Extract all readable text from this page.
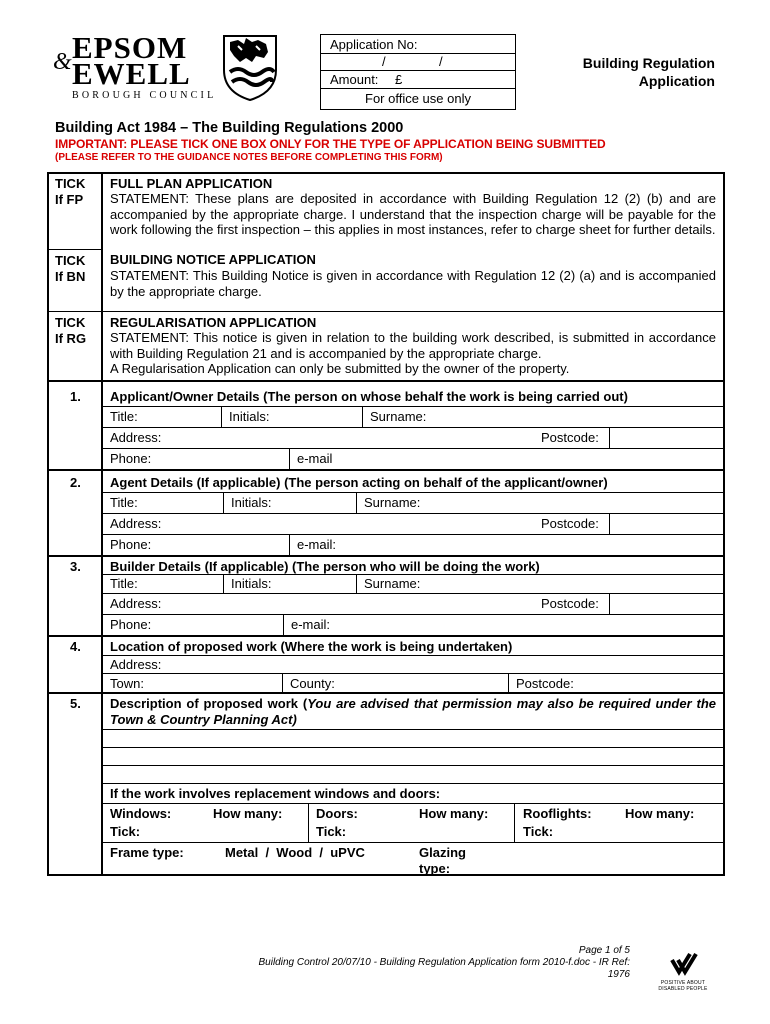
EPSOM
& EWELL
BOROUGH COUNCIL
Application No:
/	/
Amount: £
For office use only
Building Regulation
Application
Building Act 1984 – The Building Regulations 2000
IMPORTANT: PLEASE TICK ONE BOX ONLY FOR THE TYPE OF APPLICATION BEING SUBMITTED
(PLEASE REFER TO THE GUIDANCE NOTES BEFORE COMPLETING THIS FORM)
TICK
If FP
FULL PLAN APPLICATION
STATEMENT: These plans are deposited in accordance with Building Regulation 12 (2) (b) and are accompanied by the appropriate charge. I understand that the inspection charge will be payable for the work following the first inspection – this applies in most instances, refer to charge sheet for further details.
TICK
If BN
BUILDING NOTICE APPLICATION
STATEMENT: This Building Notice is given in accordance with Regulation 12 (2) (a) and is accompanied by the appropriate charge.
TICK
If RG
REGULARISATION APPLICATION
STATEMENT: This notice is given in relation to the building work described, is submitted in accordance with Building Regulation 21 and is accompanied by the appropriate charge.
A Regularisation Application can only be submitted by the owner of the property.
1. Applicant/Owner Details (The person on whose behalf the work is being carried out)
Title:	Initials:	Surname:
Address:	Postcode:
Phone:	e-mail
2. Agent Details (If applicable) (The person acting on behalf of the applicant/owner)
Title:	Initials:	Surname:
Address:	Postcode:
Phone:	e-mail:
3. Builder Details (If applicable) (The person who will be doing the work)
Title:	Initials:	Surname:
Address:	Postcode:
Phone:	e-mail:
4. Location of proposed work (Where the work is being undertaken)
Address:
Town:	County:	Postcode:
5. Description of proposed work (You are advised that permission may also be required under the Town & Country Planning Act)
If the work involves replacement windows and doors:
Windows:	How many:
Tick:
Doors:	How many:
Tick:
Rooflights:	How many:
Tick:
Frame type:	Metal  /  Wood  /  uPVC	Glazing
type:
Page 1 of 5
Building Control 20/07/10 - Building Regulation Application form 2010-f.doc - IR Ref:
1976
POSITIVE ABOUT DISABLED PEOPLE
